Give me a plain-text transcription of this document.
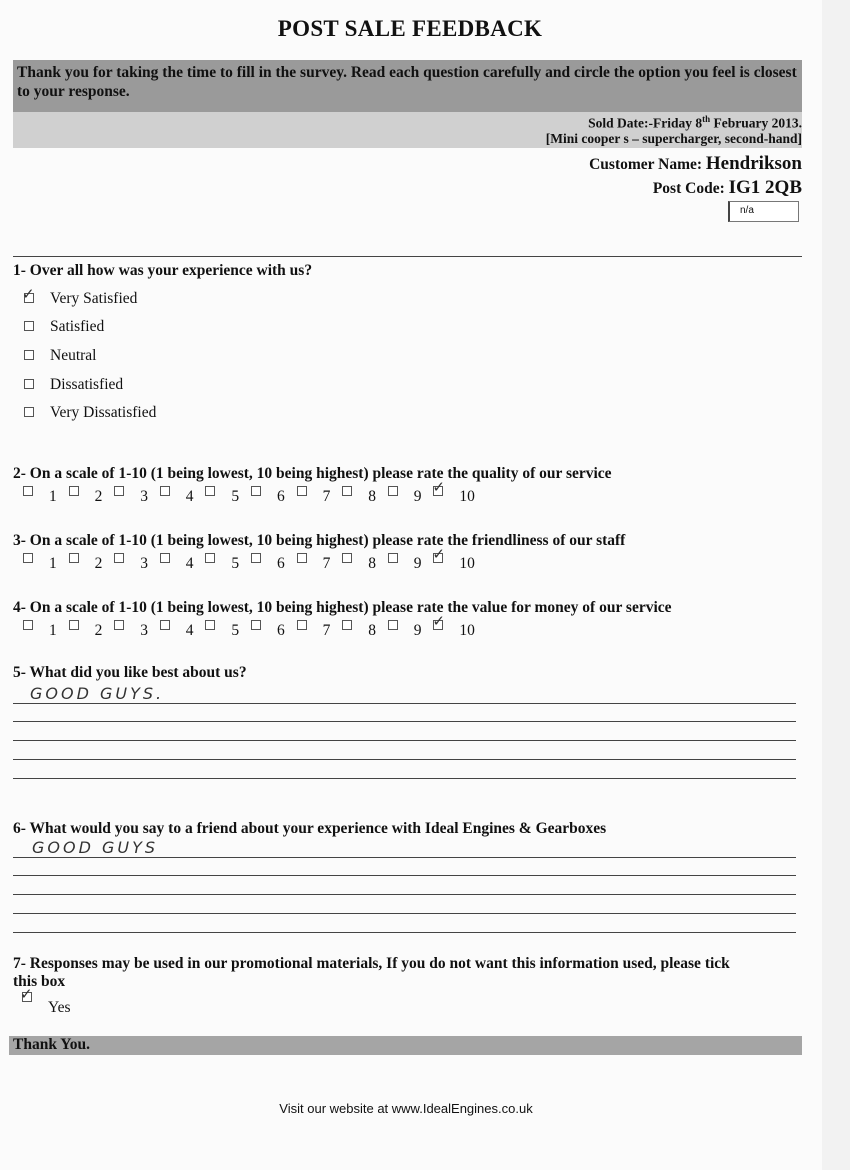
POST SALE FEEDBACK
Thank you for taking the time to fill in the survey. Read each question carefully and circle the option you feel is closest to your response.
Sold Date:-Friday 8th February 2013.
[Mini cooper s – supercharger, second-hand]
Customer Name: Hendrikson
Post Code: IG1 2QB
n/a
1- Over all how was your experience with us?
✓ Very Satisfied
Satisfied
Neutral
Dissatisfied
Very Dissatisfied
2- On a scale of 1-10 (1 being lowest, 10 being highest) please rate the quality of our service
1 2 3 4 5 6 7 8 9
✓
10
3- On a scale of 1-10 (1 being lowest, 10 being highest) please rate the friendliness of our staff
1 2 3 4 5 6 7 8 9
✓
10
4- On a scale of 1-10 (1 being lowest, 10 being highest) please rate the value for money of our service
1 2 3 4 5 6 7 8 9
✓
10
5- What did you like best about us?
GOOD GUYS.
6- What would you say to a friend about your experience with Ideal Engines & Gearboxes
GOOD GUYS
7- Responses may be used in our promotional materials, If you do not want this information used, please tick
this box
✓
Yes
Thank You.
Visit our website at www.IdealEngines.co.uk
